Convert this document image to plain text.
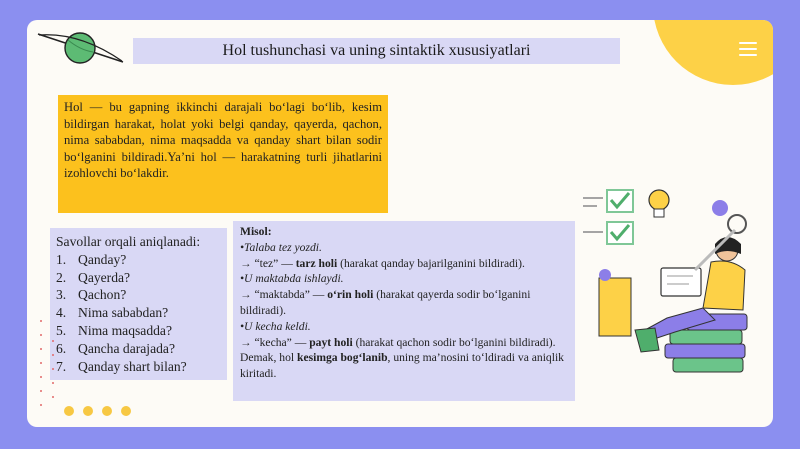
Hol tushunchasi va uning sintaktik xususiyatlari
Hol — bu gapning ikkinchi darajali bo‘lagi bo‘lib, kesim bildirgan harakat, holat yoki belgi qanday, qayerda, qachon, nima sababdan, nima maqsadda va qanday shart bilan sodir bo‘lganini bildiradi.Ya’ni hol — harakatning turli jihatlarini izohlovchi bo‘lakdir.
Savollar orqali aniqlanadi:
1. Qanday?
2. Qayerda?
3. Qachon?
4. Nima sababdan?
5. Nima maqsadda?
6. Qancha darajada?
7. Qanday shart bilan?
Misol:
•Talaba tez yozdi.
→ “tez” — tarz holi (harakat qanday bajarilganini bildiradi).
•U maktabda ishlaydi.
→ “maktabda” — o‘rin holi (harakat qayerda sodir bo‘lganini bildiradi).
•U kecha keldi.
→ “kecha” — payt holi (harakat qachon sodir bo‘lganini bildiradi).
Demak, hol kesimga bog‘lanib, uning ma’nosini to‘ldiradi va aniqlik kiritadi.
